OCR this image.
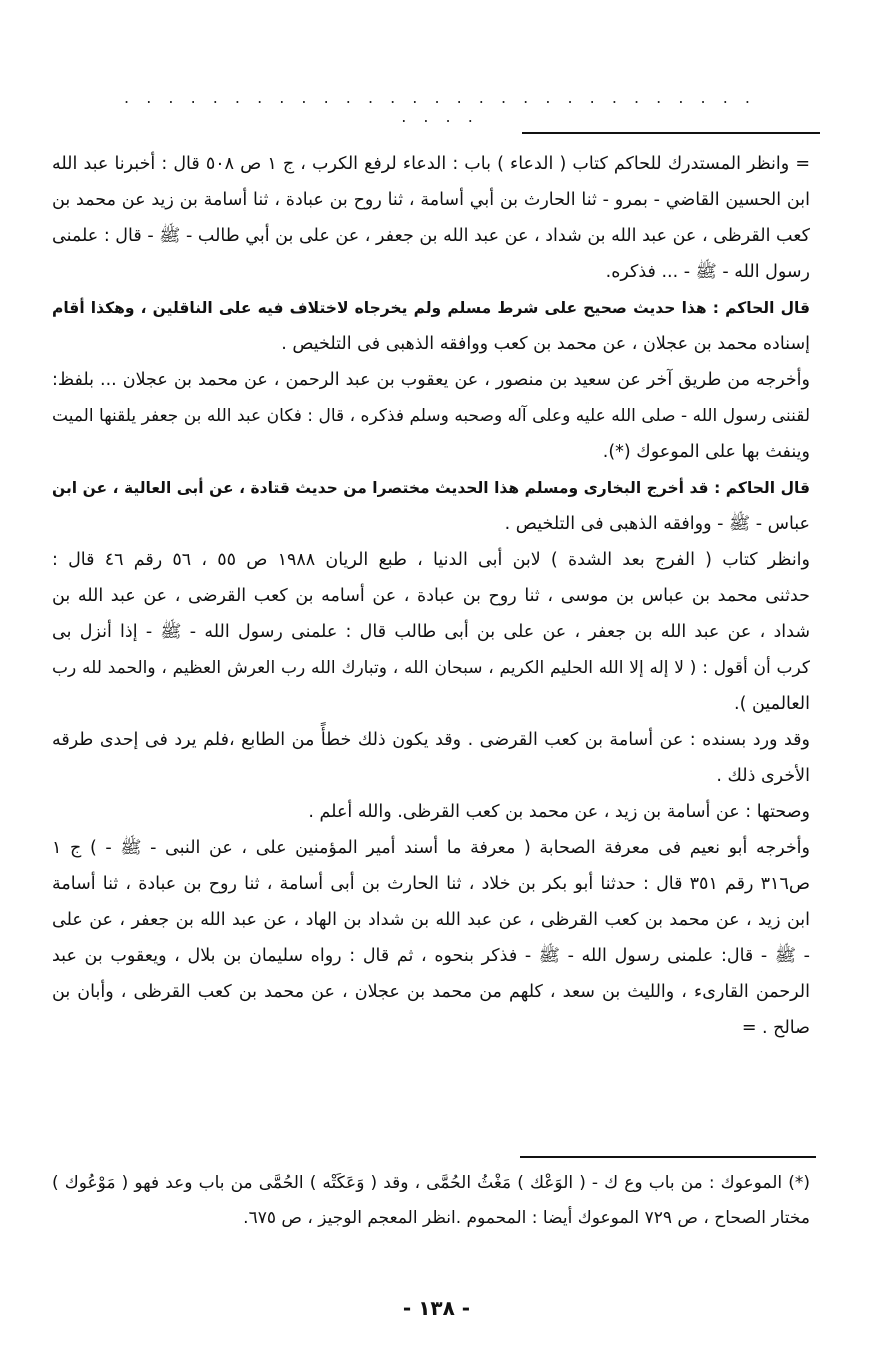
. . . . . . . . . . . . . . . . . . . . . . . . . . . . . . . . .
= وانظر المستدرك للحاكم كتاب ( الدعاء ) باب : الدعاء لرفع الكرب ، ج ١ ص ٥٠٨ قال : أخبرنا عبد الله
ابن الحسين القاضي - بمرو - ثنا الحارث بن أبي أسامة ، ثنا روح بن عبادة ، ثنا أسامة بن زيد عن محمد بن
كعب القرظى ، عن عبد الله بن شداد ، عن عبد الله بن جعفر ، عن على بن أبي طالب - ﷺ - قال : علمنى
رسول الله - ﷺ - ... فذكره.
قال الحاكم : هذا حديث صحيح على شرط مسلم ولم يخرجاه لاختلاف فيه على الناقلين ، وهكذا أقام
إسناده محمد بن عجلان ، عن محمد بن كعب ووافقه الذهبى فى التلخيص .
وأخرجه من طريق آخر عن سعيد بن منصور ، عن يعقوب بن عبد الرحمن ، عن محمد بن عجلان ... بلفظ:
لقننى رسول الله - صلى الله عليه وعلى آله وصحبه وسلم فذكره ، قال : فكان عبد الله بن جعفر يلقنها الميت
وينفث بها على الموعوك (*).
قال الحاكم : قد أخرج البخارى ومسلم هذا الحديث مختصرا من حديث قتادة ، عن أبى العالية ، عن ابن
عباس - ﷺ - ووافقه الذهبى فى التلخيص .
وانظر كتاب ( الفرج بعد الشدة ) لابن أبى الدنيا ، طبع الريان ١٩٨٨ ص ٥٥ ، ٥٦ رقم ٤٦ قال :
حدثنى محمد بن عباس بن موسى ، ثنا روح بن عبادة ، عن أسامه بن كعب القرضى ، عن عبد الله بن
شداد ، عن عبد الله بن جعفر ، عن على بن أبى طالب قال : علمنى رسول الله - ﷺ - إذا أنزل بى
كرب أن أقول : ( لا إله إلا الله الحليم الكريم ، سبحان الله ، وتبارك الله رب العرش العظيم ، والحمد لله رب
العالمين ).
وقد ورد بسنده : عن أسامة بن كعب القرضى . وقد يكون ذلك خطأً من الطابع ،فلم يرد فى إحدى طرقه
الأخرى ذلك .
وصحتها : عن أسامة بن زيد ، عن محمد بن كعب القرظى. والله أعلم .
وأخرجه أبو نعيم فى معرفة الصحابة ( معرفة ما أسند أمير المؤمنين على ، عن النبى - ﷺ - ) ج ١
ص٣١٦ رقم ٣٥١ قال : حدثنا أبو بكر بن خلاد ، ثنا الحارث بن أبى أسامة ، ثنا روح بن عبادة ، ثنا أسامة
ابن زيد ، عن محمد بن كعب القرظى ، عن عبد الله بن شداد بن الهاد ، عن عبد الله بن جعفر ، عن على
- ﷺ - قال: علمنى رسول الله - ﷺ - فذكر بنحوه ، ثم قال : رواه سليمان بن بلال ، ويعقوب بن عبد
الرحمن القارىء ، والليث بن سعد ، كلهم من محمد بن عجلان ، عن محمد بن كعب القرظى ، وأبان بن
صالح . =
(*) الموعوك : من باب وع ك - ( الوَعْك ) مَغْثُ الحُمَّى ، وقد ( وَعَكَتْه ) الحُمَّى من باب وعد فهو ( مَوْعُوك )
مختار الصحاح ، ص ٧٢٩ الموعوك أيضا : المحموم .انظر المعجم الوجيز ، ص ٦٧٥.
- ١٣٨ -
